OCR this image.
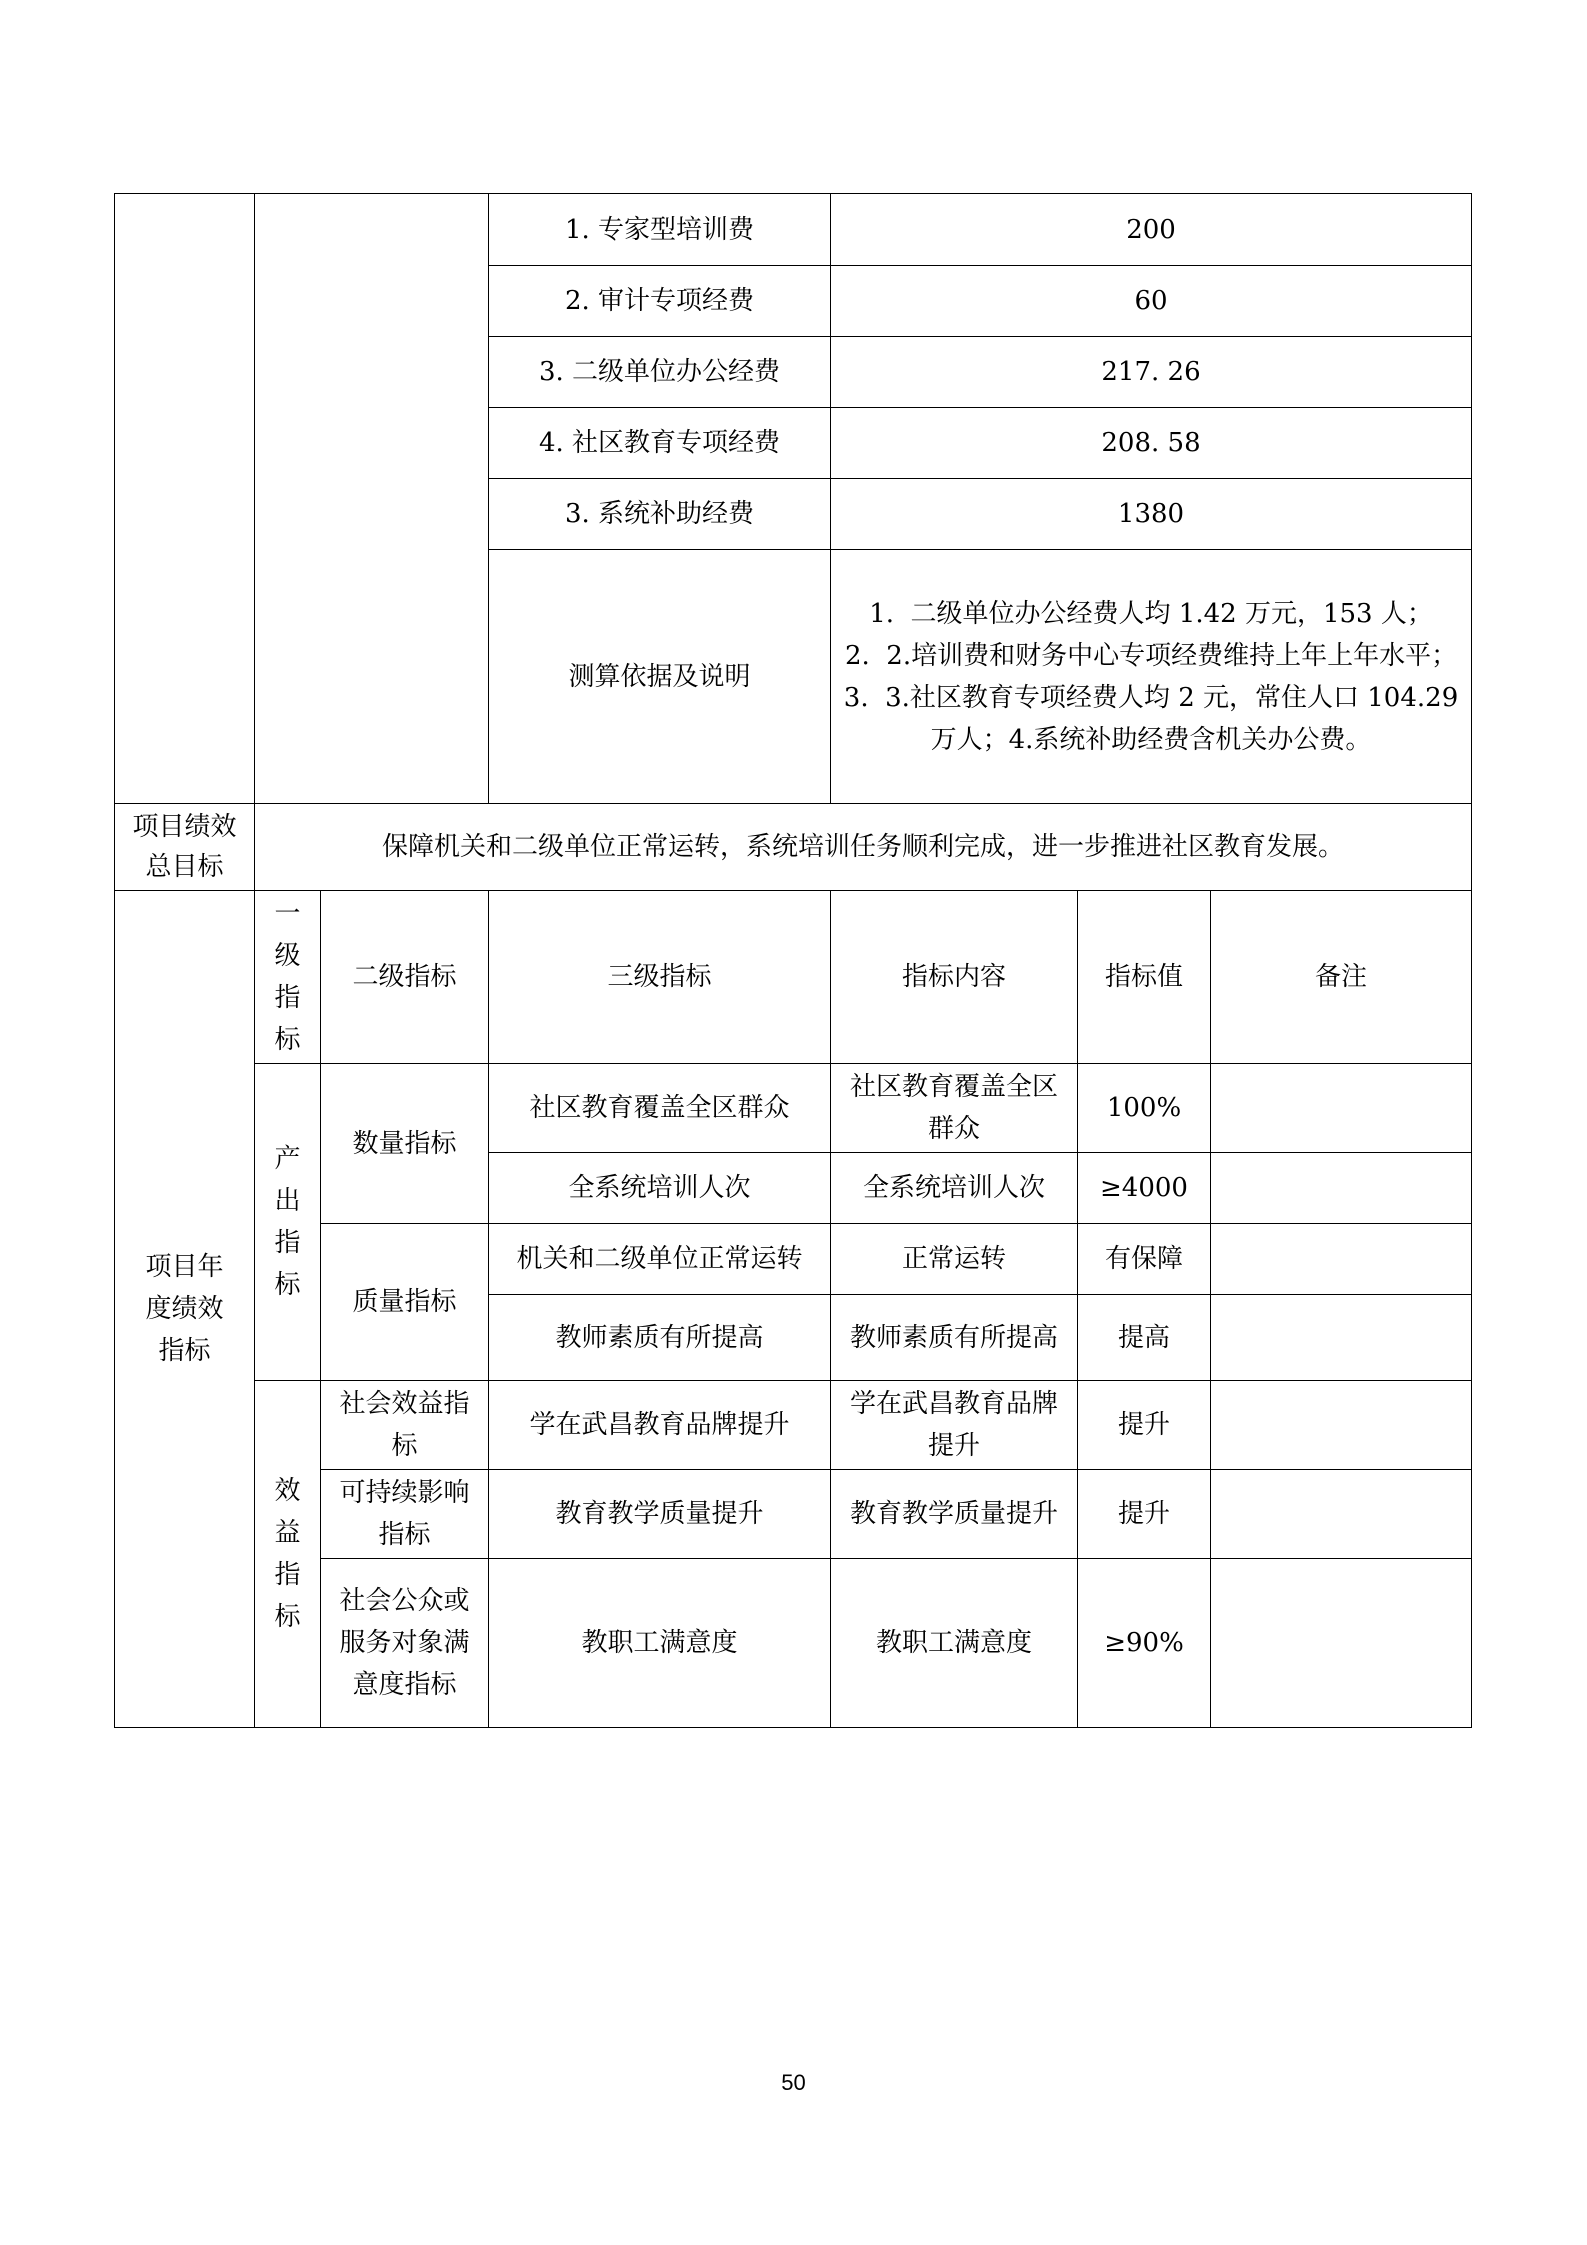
			1. 专家型培训费	200		
			2. 审计专项经费	60		
			3. 二级单位办公经费	217. 26		
			4. 社区教育专项经费	208. 58		
			3. 系统补助经费	1380		
			测算依据及说明	1.  二级单位办公经费人均 1.42 万元，153 人；
2.  2.培训费和财务中心专项经费维持上年上年水平；
3.  3.社区教育专项经费人均 2 元，常住人口 104.29 万人；4.系统补助经费含机关办公费。		

项目绩效总目标	保障机关和二级单位正常运转，系统培训任务顺利完成，进一步推进社区教育发展。					
项目年度绩效指标	一级指标	二级指标	三级指标	指标内容	指标值	备注
	产出指标	数量指标	社区教育覆盖全区群众	社区教育覆盖全区群众	100%	
			全系统培训人次	全系统培训人次	≥4000	
		质量指标	机关和二级单位正常运转	正常运转	有保障	
			教师素质有所提高	教师素质有所提高	提高	
	效益指标	社会效益指标	学在武昌教育品牌提升	学在武昌教育品牌提升	提升	
		可持续影响指标	教育教学质量提升	教育教学质量提升	提升	
		社会公众或服务对象满意度指标	教职工满意度	教职工满意度	≥90%	
50
